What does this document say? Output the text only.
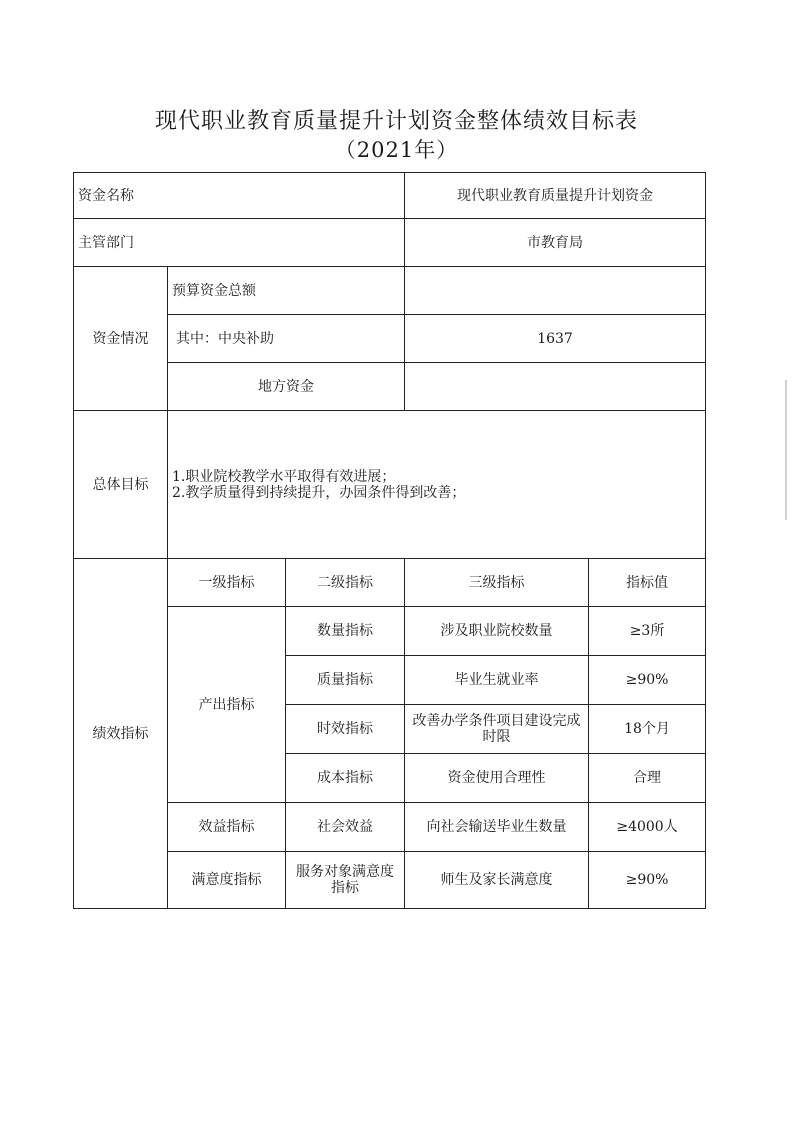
现代职业教育质量提升计划资金整体绩效目标表
（2021年）
资金名称			现代职业教育质量提升计划资金	
主管部门			市教育局	
资金情况	预算资金总额			
	其中：中央补助		1637	
	地方资金			
总体目标	1.职业院校教学水平取得有效进展；
2.教学质量得到持续提升，办园条件得到改善；			

绩效指标	一级指标	二级指标	三级指标	指标值
	产出指标	数量指标	涉及职业院校数量	≥3所
		质量指标	毕业生就业率	≥90%
		时效指标	改善办学条件项目建设完成时限	18个月
		成本指标	资金使用合理性	合理
	效益指标	社会效益	向社会输送毕业生数量	≥4000人
	满意度指标	服务对象满意度指标	师生及家长满意度	≥90%
